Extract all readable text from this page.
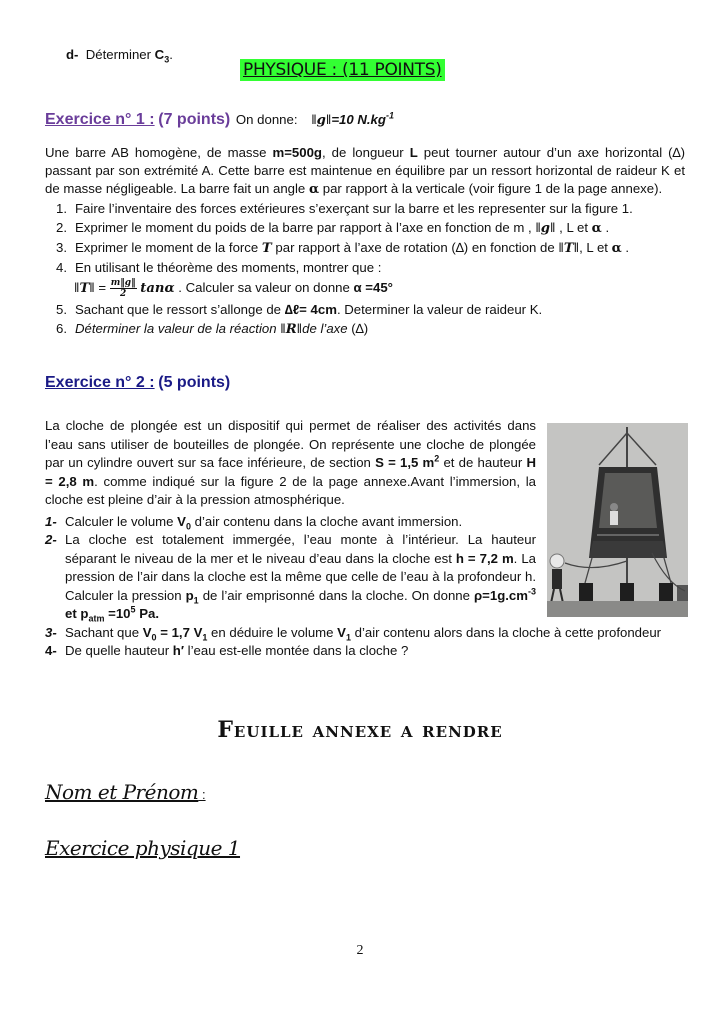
d- Déterminer $C_3$.
PHYSIQUE : (11 POINTS)
Exercice n° 1 : (7 points) On donne: ‖g‖=10 $N.kg^{-1}$
Une barre AB homogène, de masse m=500g, de longueur L peut tourner autour d’un axe horizontal (∆) passant par son extrémité A. Cette barre est maintenue en équilibre par un ressort horizontal de raideur K et de masse négligeable. La barre fait un angle α par rapport à la verticale (voir figure 1 de la page annexe).
1. Faire l’inventaire des forces extérieures s’exerçant sur la barre et les representer sur la figure 1.
2. Exprimer le moment du poids de la barre par rapport à l’axe en fonction de m , ‖g‖ , L et α .
3. Exprimer le moment de la force T par rapport à l’axe de rotation (∆) en fonction de ‖T‖, L et α .
4. En utilisant le théorème des moments, montrer que :
‖T‖ = $\frac{m‖g‖}{2}$ tanα . Calculer sa valeur on donne α =45°
5. Sachant que le ressort s’allonge de ∆ℓ= 4cm. Determiner la valeur de raideur K.
6. Déterminer la valeur de la réaction ‖R‖de l’axe (∆)
Exercice n° 2 : (5 points)
La cloche de plongée est un dispositif qui permet de réaliser des activités dans l’eau sans utiliser de bouteilles de plongée. On représente une cloche de plongée par un cylindre ouvert sur sa face inférieure, de section S = 1,5 $m^2$ et de hauteur H = 2,8 m. comme indiqué sur la figure 2 de la page annexe.Avant l’immersion, la cloche est pleine d’air à la pression atmosphérique.
1- Calculer le volume $V_0$ d’air contenu dans la cloche avant immersion.
2- La cloche est totalement immergée, l’eau monte à l’intérieur. La hauteur séparant le niveau de la mer et le niveau d’eau dans la cloche est h = 7,2 m. La pression de l’air dans la cloche est la même que celle de l’eau à la profondeur h. Calculer la pression $p_1$ de l’air emprisonné dans la cloche. On donne $\rho=1g.cm^{-3}$ et $p_{atm} =10^5$ Pa.
3- Sachant que $V_0 = 1,7$ $V_1$ en déduire le volume $V_1$ d’air contenu alors dans la cloche à cette profondeur
4- De quelle hauteur h′ l’eau est-elle montée dans la cloche ?
Feuille annexe a rendre
Nom et Prénom :
Exercice physique 1
2
